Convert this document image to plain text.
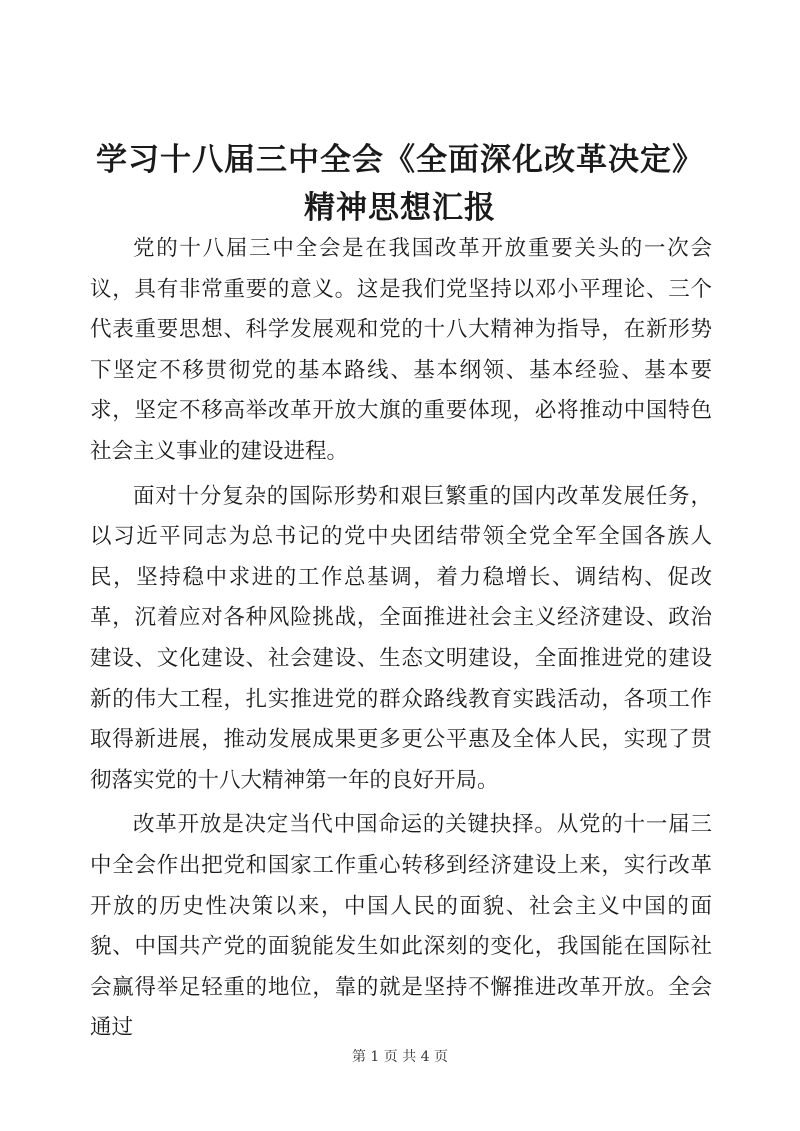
学习十八届三中全会《全面深化改革决定》精神思想汇报

党的十八届三中全会是在我国改革开放重要关头的一次会议，具有非常重要的意义。这是我们党坚持以邓小平理论、三个代表重要思想、科学发展观和党的十八大精神为指导，在新形势下坚定不移贯彻党的基本路线、基本纲领、基本经验、基本要求，坚定不移高举改革开放大旗的重要体现，必将推动中国特色社会主义事业的建设进程。

面对十分复杂的国际形势和艰巨繁重的国内改革发展任务，以习近平同志为总书记的党中央团结带领全党全军全国各族人民，坚持稳中求进的工作总基调，着力稳增长、调结构、促改革，沉着应对各种风险挑战，全面推进社会主义经济建设、政治建设、文化建设、社会建设、生态文明建设，全面推进党的建设新的伟大工程，扎实推进党的群众路线教育实践活动，各项工作取得新进展，推动发展成果更多更公平惠及全体人民，实现了贯彻落实党的十八大精神第一年的良好开局。

改革开放是决定当代中国命运的关键抉择。从党的十一届三中全会作出把党和国家工作重心转移到经济建设上来，实行改革开放的历史性决策以来，中国人民的面貌、社会主义中国的面貌、中国共产党的面貌能发生如此深刻的变化，我国能在国际社会赢得举足轻重的地位，靠的就是坚持不懈推进改革开放。全会通过

第 1 页 共 4 页
